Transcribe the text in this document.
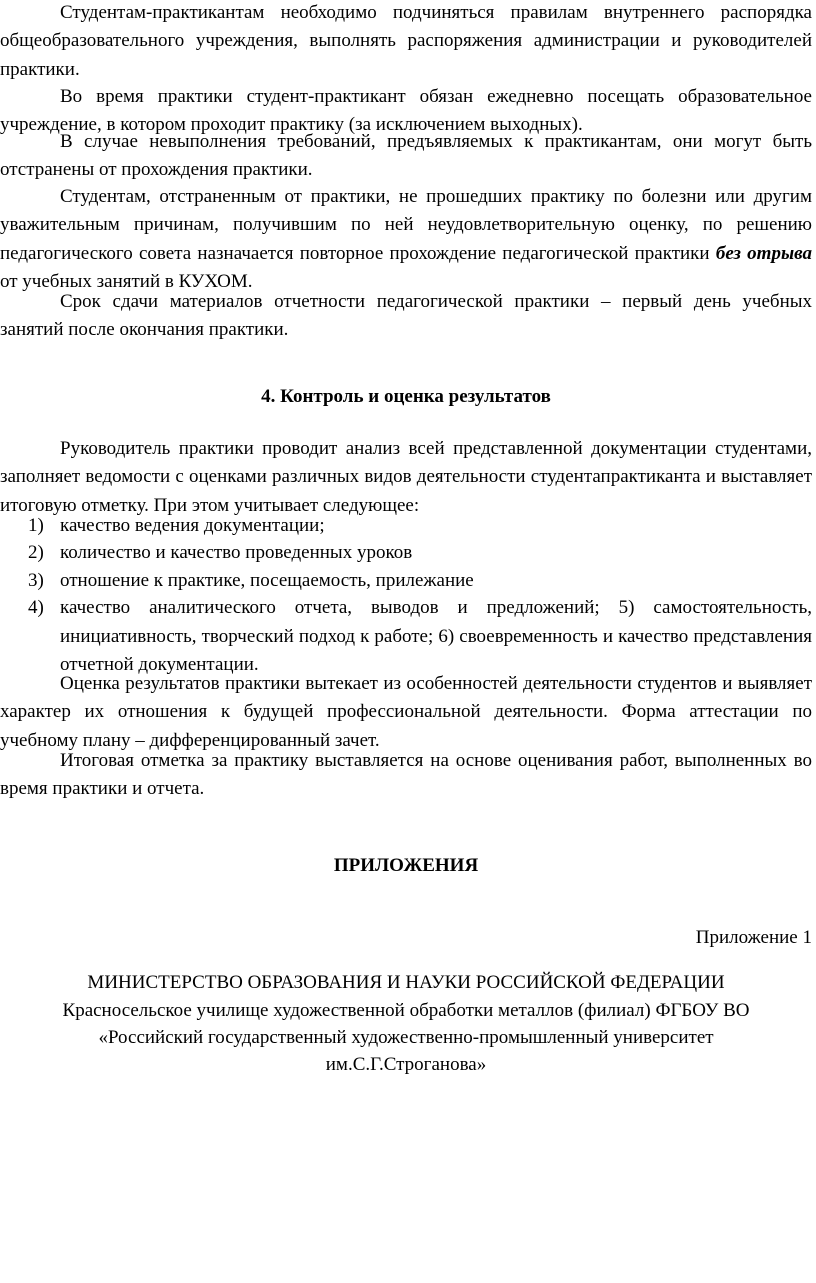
Студентам-практикантам необходимо подчиняться правилам внутреннего распорядка общеобразовательного учреждения, выполнять распоряжения администрации и руководителей практики.

Во время практики студент-практикант обязан ежедневно посещать образовательное учреждение, в котором проходит практику (за исключением выходных).

В случае невыполнения требований, предъявляемых к практикантам, они могут быть отстранены от прохождения практики.

Студентам, отстраненным от практики, не прошедших практику по болезни или другим уважительным причинам, получившим по ней неудовлетворительную оценку, по решению педагогического совета назначается повторное прохождение педагогической практики без отрыва от учебных занятий в КУХОМ.

Срок сдачи материалов отчетности педагогической практики – первый день учебных занятий после окончания практики.

4. Контроль и оценка результатов

Руководитель практики проводит анализ всей представленной документации студентами, заполняет ведомости с оценками различных видов деятельности студентапрактиканта и выставляет итоговую отметку. При этом учитывает следующее:

1) качество ведения документации;
2) количество и качество проведенных уроков
3) отношение к практике, посещаемость, прилежание
4) качество аналитического отчета, выводов и предложений; 5) самостоятельность, инициативность, творческий подход к работе; 6) своевременность и качество представления отчетной документации.

Оценка результатов практики вытекает из особенностей деятельности студентов и выявляет характер их отношения к будущей профессиональной деятельности. Форма аттестации по учебному плану – дифференцированный зачет.

Итоговая отметка за практику выставляется на основе оценивания работ, выполненных во время практики и отчета.

ПРИЛОЖЕНИЯ

Приложение 1

МИНИСТЕРСТВО ОБРАЗОВАНИЯ И НАУКИ РОССИЙСКОЙ ФЕДЕРАЦИИ

Красносельское училище художественной обработки металлов (филиал) ФГБОУ ВО

«Российский государственный художественно-промышленный университет

им.С.Г.Строганова»
